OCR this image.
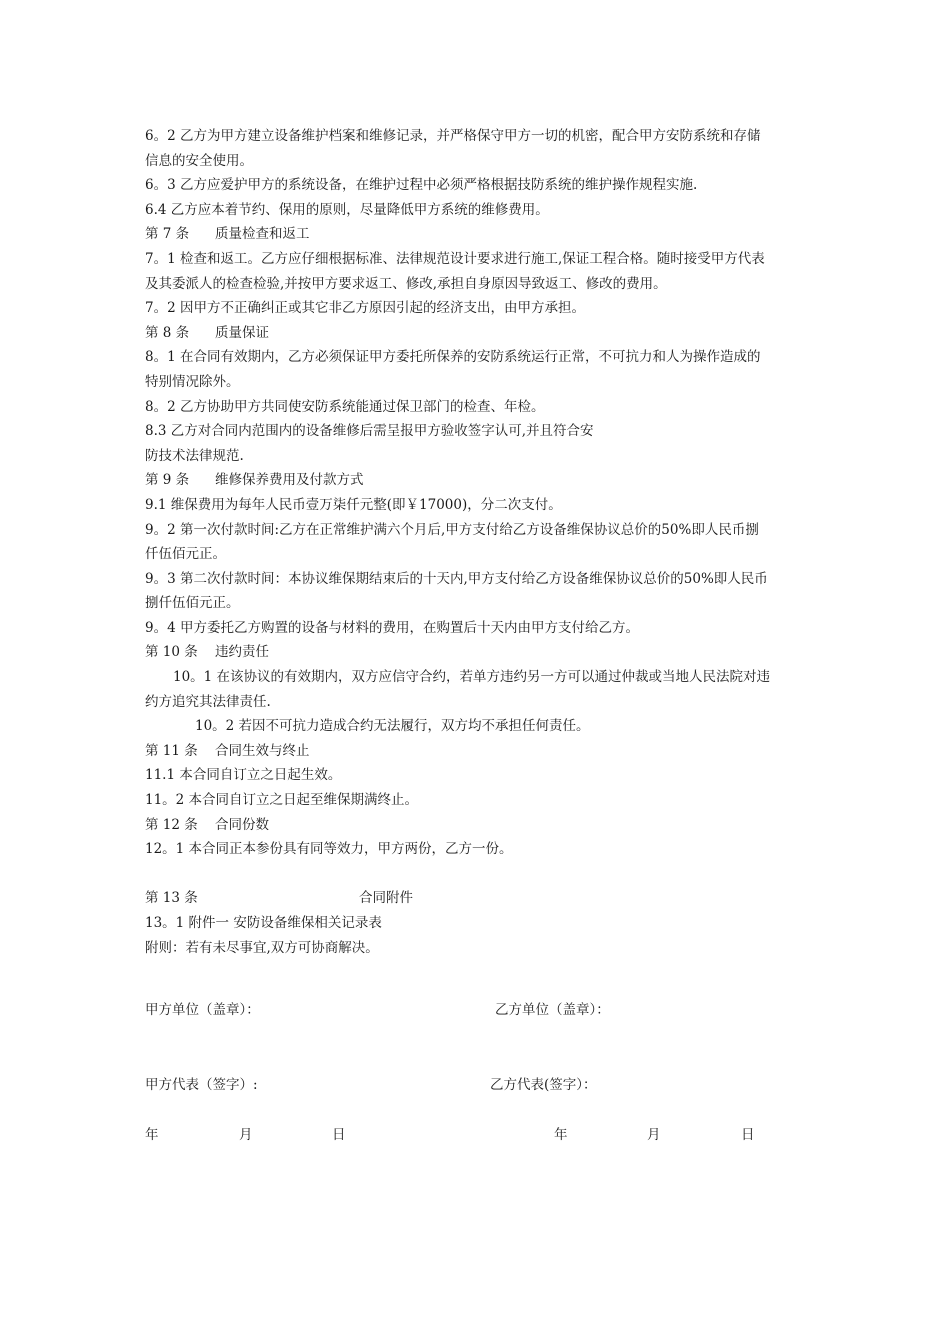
6。2 乙方为甲方建立设备维护档案和维修记录，并严格保守甲方一切的机密，配合甲方安防系统和存储
信息的安全使用。
6。3 乙方应爱护甲方的系统设备，在维护过程中必须严格根据技防系统的维护操作规程实施.
6.4 乙方应本着节约、保用的原则，尽量降低甲方系统的维修费用。
第 7 条 质量检查和返工
7。1 检查和返工。乙方应仔细根据标准、法律规范设计要求进行施工,保证工程合格。随时接受甲方代表
及其委派人的检查检验,并按甲方要求返工、修改,承担自身原因导致返工、修改的费用。
7。2 因甲方不正确纠正或其它非乙方原因引起的经济支出，由甲方承担。
第 8 条 质量保证
8。1 在合同有效期内，乙方必须保证甲方委托所保养的安防系统运行正常，不可抗力和人为操作造成的
特别情况除外。
8。2 乙方协助甲方共同使安防系统能通过保卫部门的检查、年检。
8.3 乙方对合同内范围内的设备维修后需呈报甲方验收签字认可,并且符合安
防技术法律规范.
第 9 条 维修保养费用及付款方式
9.1 维保费用为每年人民币壹万柒仟元整(即￥17000)，分二次支付。
9。2 第一次付款时间:乙方在正常维护满六个月后,甲方支付给乙方设备维保协议总价的50%即人民币捌
仟伍佰元正。
9。3 第二次付款时间：本协议维保期结束后的十天内,甲方支付给乙方设备维保协议总价的50%即人民币
捌仟伍佰元正。
9。4 甲方委托乙方购置的设备与材料的费用，在购置后十天内由甲方支付给乙方。
第 10 条 违约责任
10。1 在该协议的有效期内，双方应信守合约，若单方违约另一方可以通过仲裁或当地人民法院对违
约方追究其法律责任.
10。2 若因不可抗力造成合约无法履行，双方均不承担任何责任。
第 11 条 合同生效与终止
11.1 本合同自订立之日起生效。
11。2 本合同自订立之日起至维保期满终止。
第 12 条 合同份数
12。1 本合同正本参份具有同等效力，甲方两份，乙方一份。
第 13 条	合同附件
13。1 附件一 安防设备维保相关记录表
附则：若有未尽事宜,双方可协商解决。
甲方单位（盖章）：	乙方单位（盖章）：
甲方代表（签字）:	乙方代表(签字）：
年	月	日	年	月	日
